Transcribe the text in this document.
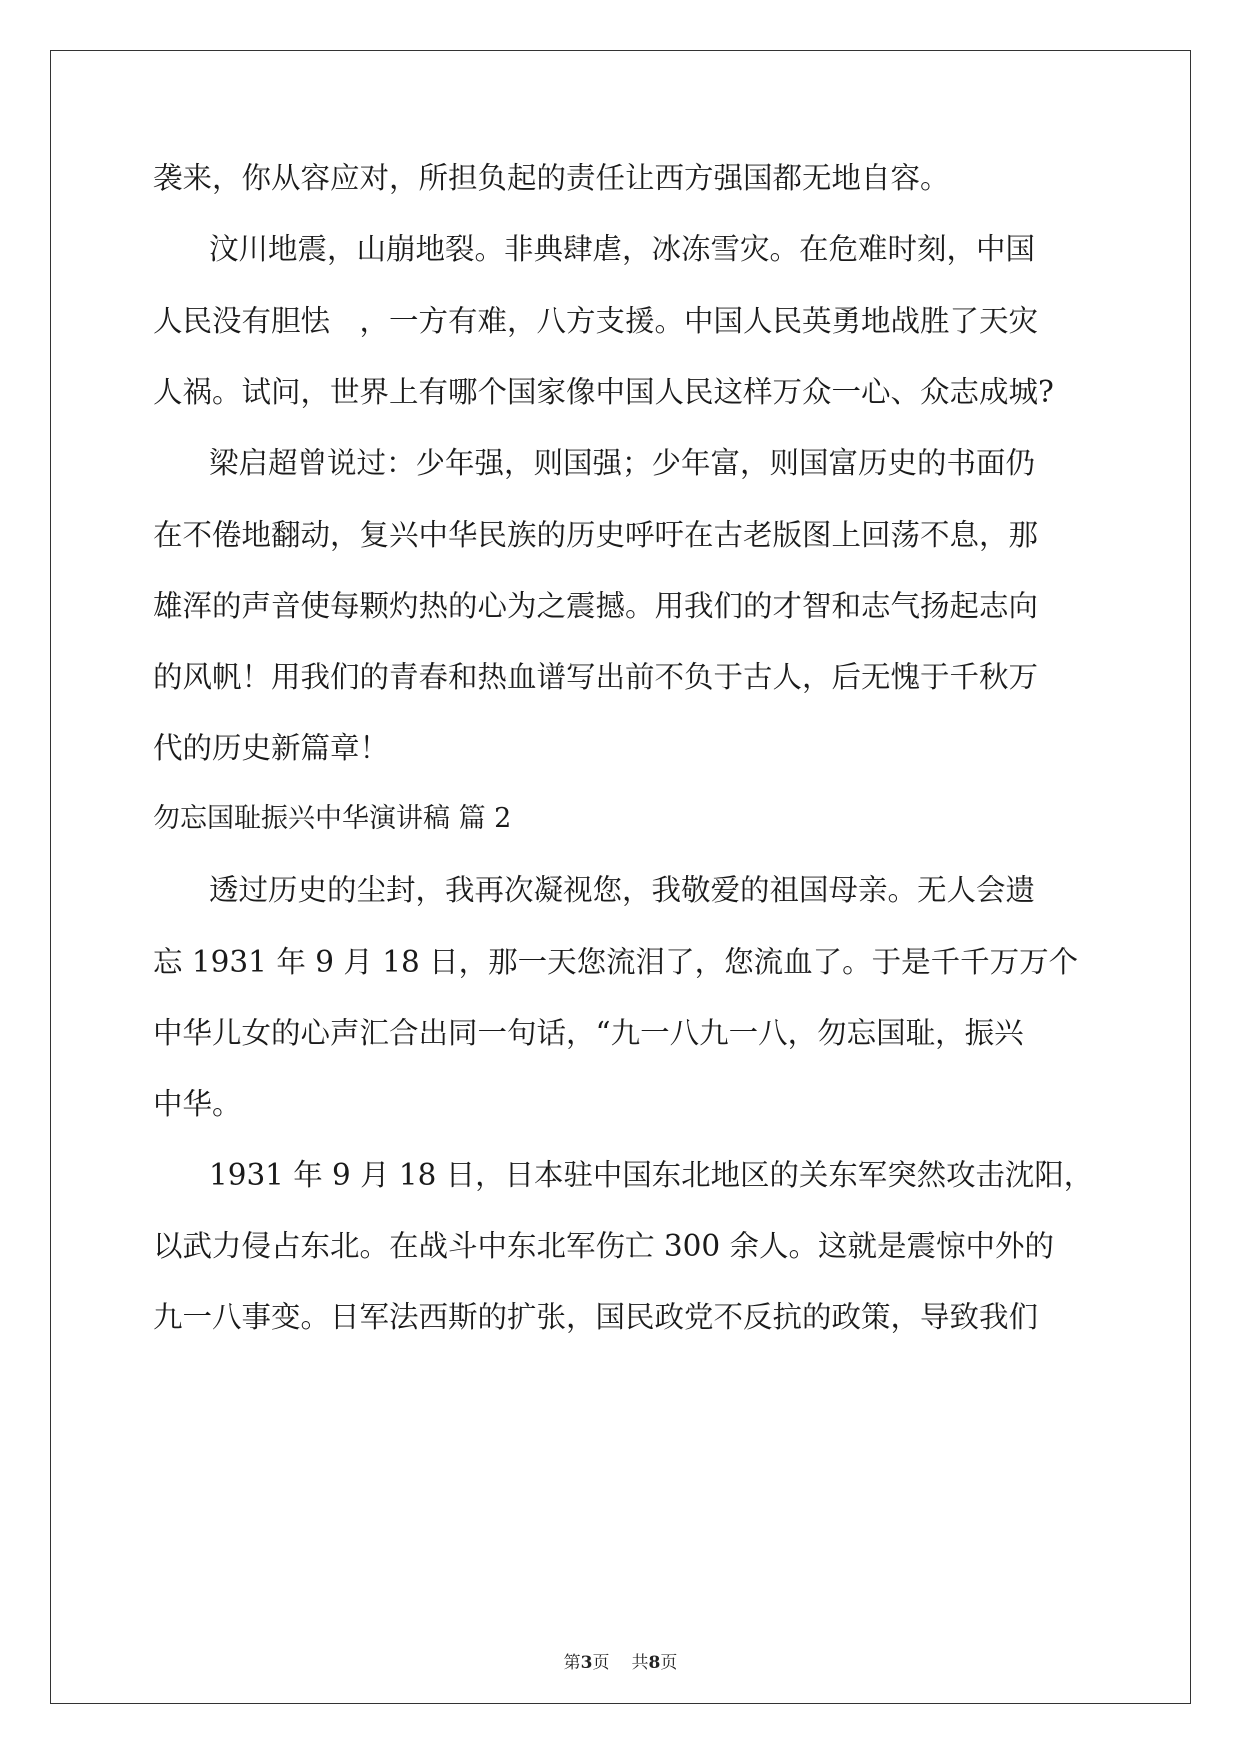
袭来，你从容应对，所担负起的责任让西方强国都无地自容。
汶川地震，山崩地裂。非典肆虐，冰冻雪灾。在危难时刻，中国
人民没有胆怯　，一方有难，八方支援。中国人民英勇地战胜了天灾
人祸。试问，世界上有哪个国家像中国人民这样万众一心、众志成城?
梁启超曾说过：少年强，则国强；少年富，则国富历史的书面仍
在不倦地翻动，复兴中华民族的历史呼吁在古老版图上回荡不息，那
雄浑的声音使每颗灼热的心为之震撼。用我们的才智和志气扬起志向
的风帆！用我们的青春和热血谱写出前不负于古人，后无愧于千秋万
代的历史新篇章！
勿忘国耻振兴中华演讲稿 篇 2
透过历史的尘封，我再次凝视您，我敬爱的祖国母亲。无人会遗
忘 1931 年 9 月 18 日，那一天您流泪了，您流血了。于是千千万万个
中华儿女的心声汇合出同一句话，“九一八九一八，勿忘国耻，振兴
中华。
1931 年 9 月 18 日，日本驻中国东北地区的关东军突然攻击沈阳，
以武力侵占东北。在战斗中东北军伤亡 300 余人。这就是震惊中外的
九一八事变。日军法西斯的扩张，国民政党不反抗的政策，导致我们
第3页 共8页
